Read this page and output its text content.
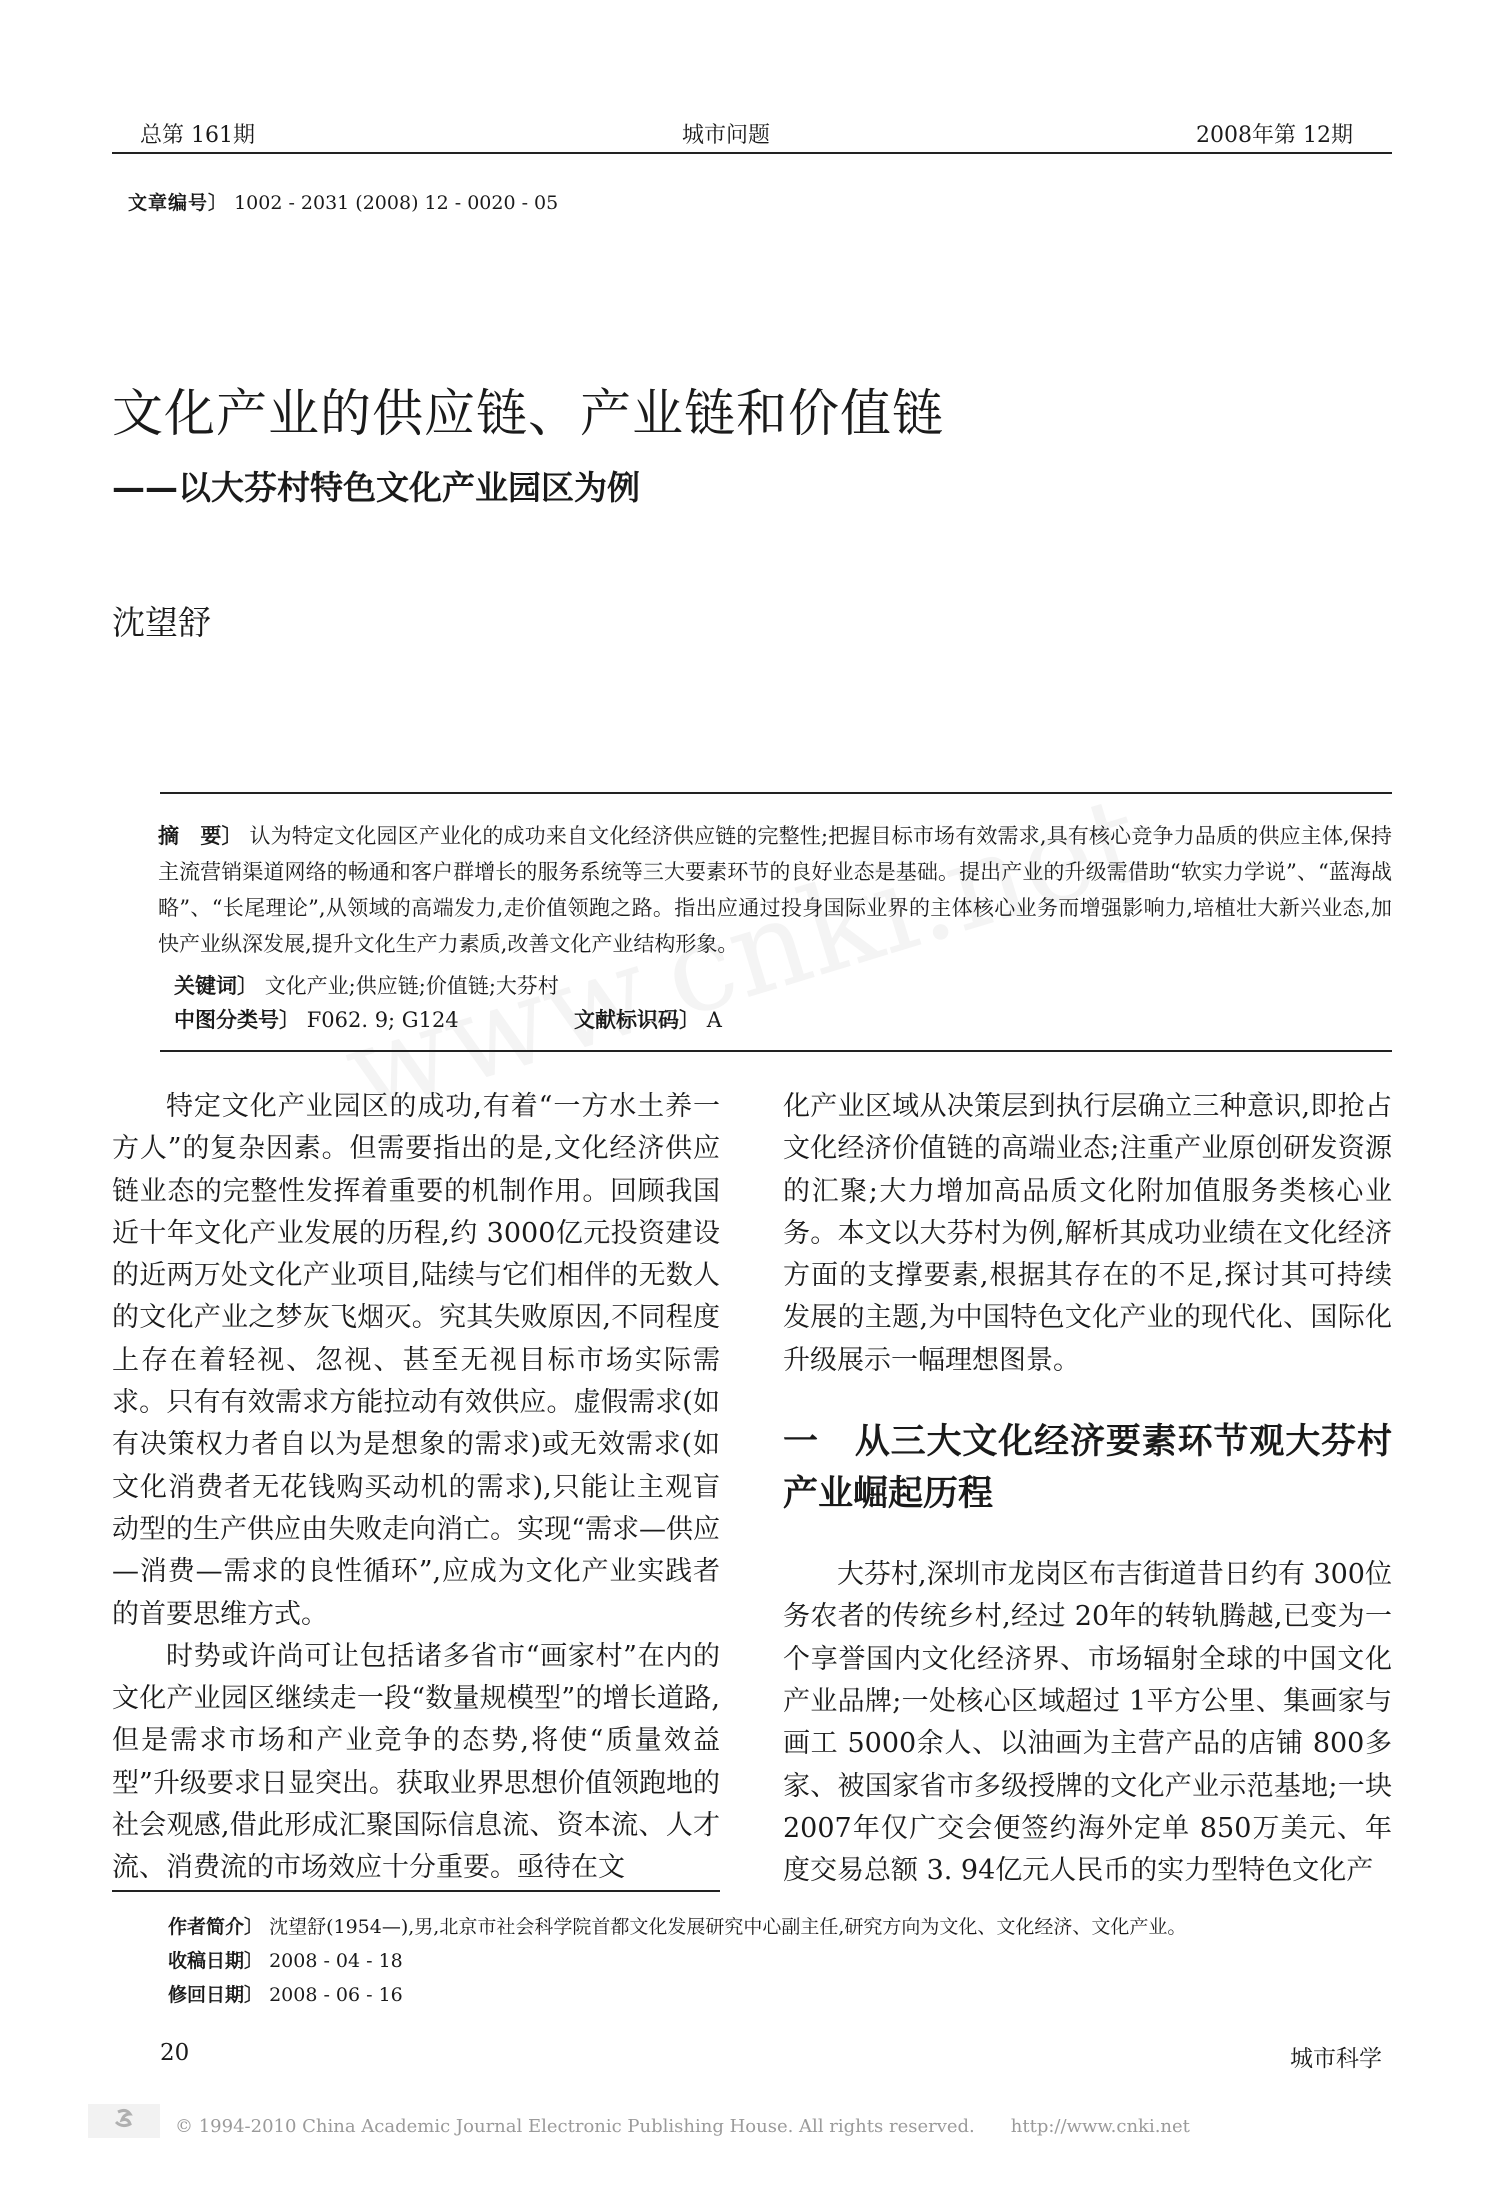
总第 161期	城市问题	2008年第 12期
文章编号〕 1002 - 2031 (2008) 12 - 0020 - 05
文化产业的供应链、产业链和价值链
——以大芬村特色文化产业园区为例
沈望舒
摘　要〕 认为特定文化园区产业化的成功来自文化经济供应链的完整性;把握目标市场有效需求,具有核心竞争力品质的供应主体,保持主流营销渠道网络的畅通和客户群增长的服务系统等三大要素环节的良好业态是基础。提出产业的升级需借助“软实力学说”、“蓝海战略”、“长尾理论”,从领域的高端发力,走价值领跑之路。指出应通过投身国际业界的主体核心业务而增强影响力,培植壮大新兴业态,加快产业纵深发展,提升文化生产力素质,改善文化产业结构形象。
关键词〕 文化产业;供应链;价值链;大芬村
中图分类号〕 F062. 9; G124	文献标识码〕 A

特定文化产业园区的成功,有着“一方水土养一方人”的复杂因素。但需要指出的是,文化经济供应链业态的完整性发挥着重要的机制作用。回顾我国近十年文化产业发展的历程,约 3000亿元投资建设的近两万处文化产业项目,陆续与它们相伴的无数人的文化产业之梦灰飞烟灭。究其失败原因,不同程度上存在着轻视、忽视、甚至无视目标市场实际需求。只有有效需求方能拉动有效供应。虚假需求(如有决策权力者自以为是想象的需求)或无效需求(如文化消费者无花钱购买动机的需求),只能让主观盲动型的生产供应由失败走向消亡。实现“需求—供应—消费—需求的良性循环”,应成为文化产业实践者的首要思维方式。

时势或许尚可让包括诸多省市“画家村”在内的文化产业园区继续走一段“数量规模型”的增长道路,但是需求市场和产业竞争的态势,将使“质量效益型”升级要求日显突出。获取业界思想价值领跑地的社会观感,借此形成汇聚国际信息流、资本流、人才流、消费流的市场效应十分重要。亟待在文

化产业区域从决策层到执行层确立三种意识,即抢占文化经济价值链的高端业态;注重产业原创研发资源的汇聚;大力增加高品质文化附加值服务类核心业务。本文以大芬村为例,解析其成功业绩在文化经济方面的支撑要素,根据其存在的不足,探讨其可持续发展的主题,为中国特色文化产业的现代化、国际化升级展示一幅理想图景。

一　从三大文化经济要素环节观大芬村产业崛起历程

大芬村,深圳市龙岗区布吉街道昔日约有 300位务农者的传统乡村,经过 20年的转轨腾越,已变为一个享誉国内文化经济界、市场辐射全球的中国文化产业品牌;一处核心区域超过 1平方公里、集画家与画工 5000余人、以油画为主营产品的店铺 800多家、被国家省市多级授牌的文化产业示范基地;一块 2007年仅广交会便签约海外定单 850万美元、年度交易总额 3. 94亿元人民币的实力型特色文化产

作者简介〕 沈望舒(1954—),男,北京市社会科学院首都文化发展研究中心副主任,研究方向为文化、文化经济、文化产业。
收稿日期〕 2008 - 04 - 18
修回日期〕 2008 - 06 - 16
20	城市科学
© 1994-2010 China Academic Journal Electronic Publishing House. All rights reserved.　　http://www.cnki.net
